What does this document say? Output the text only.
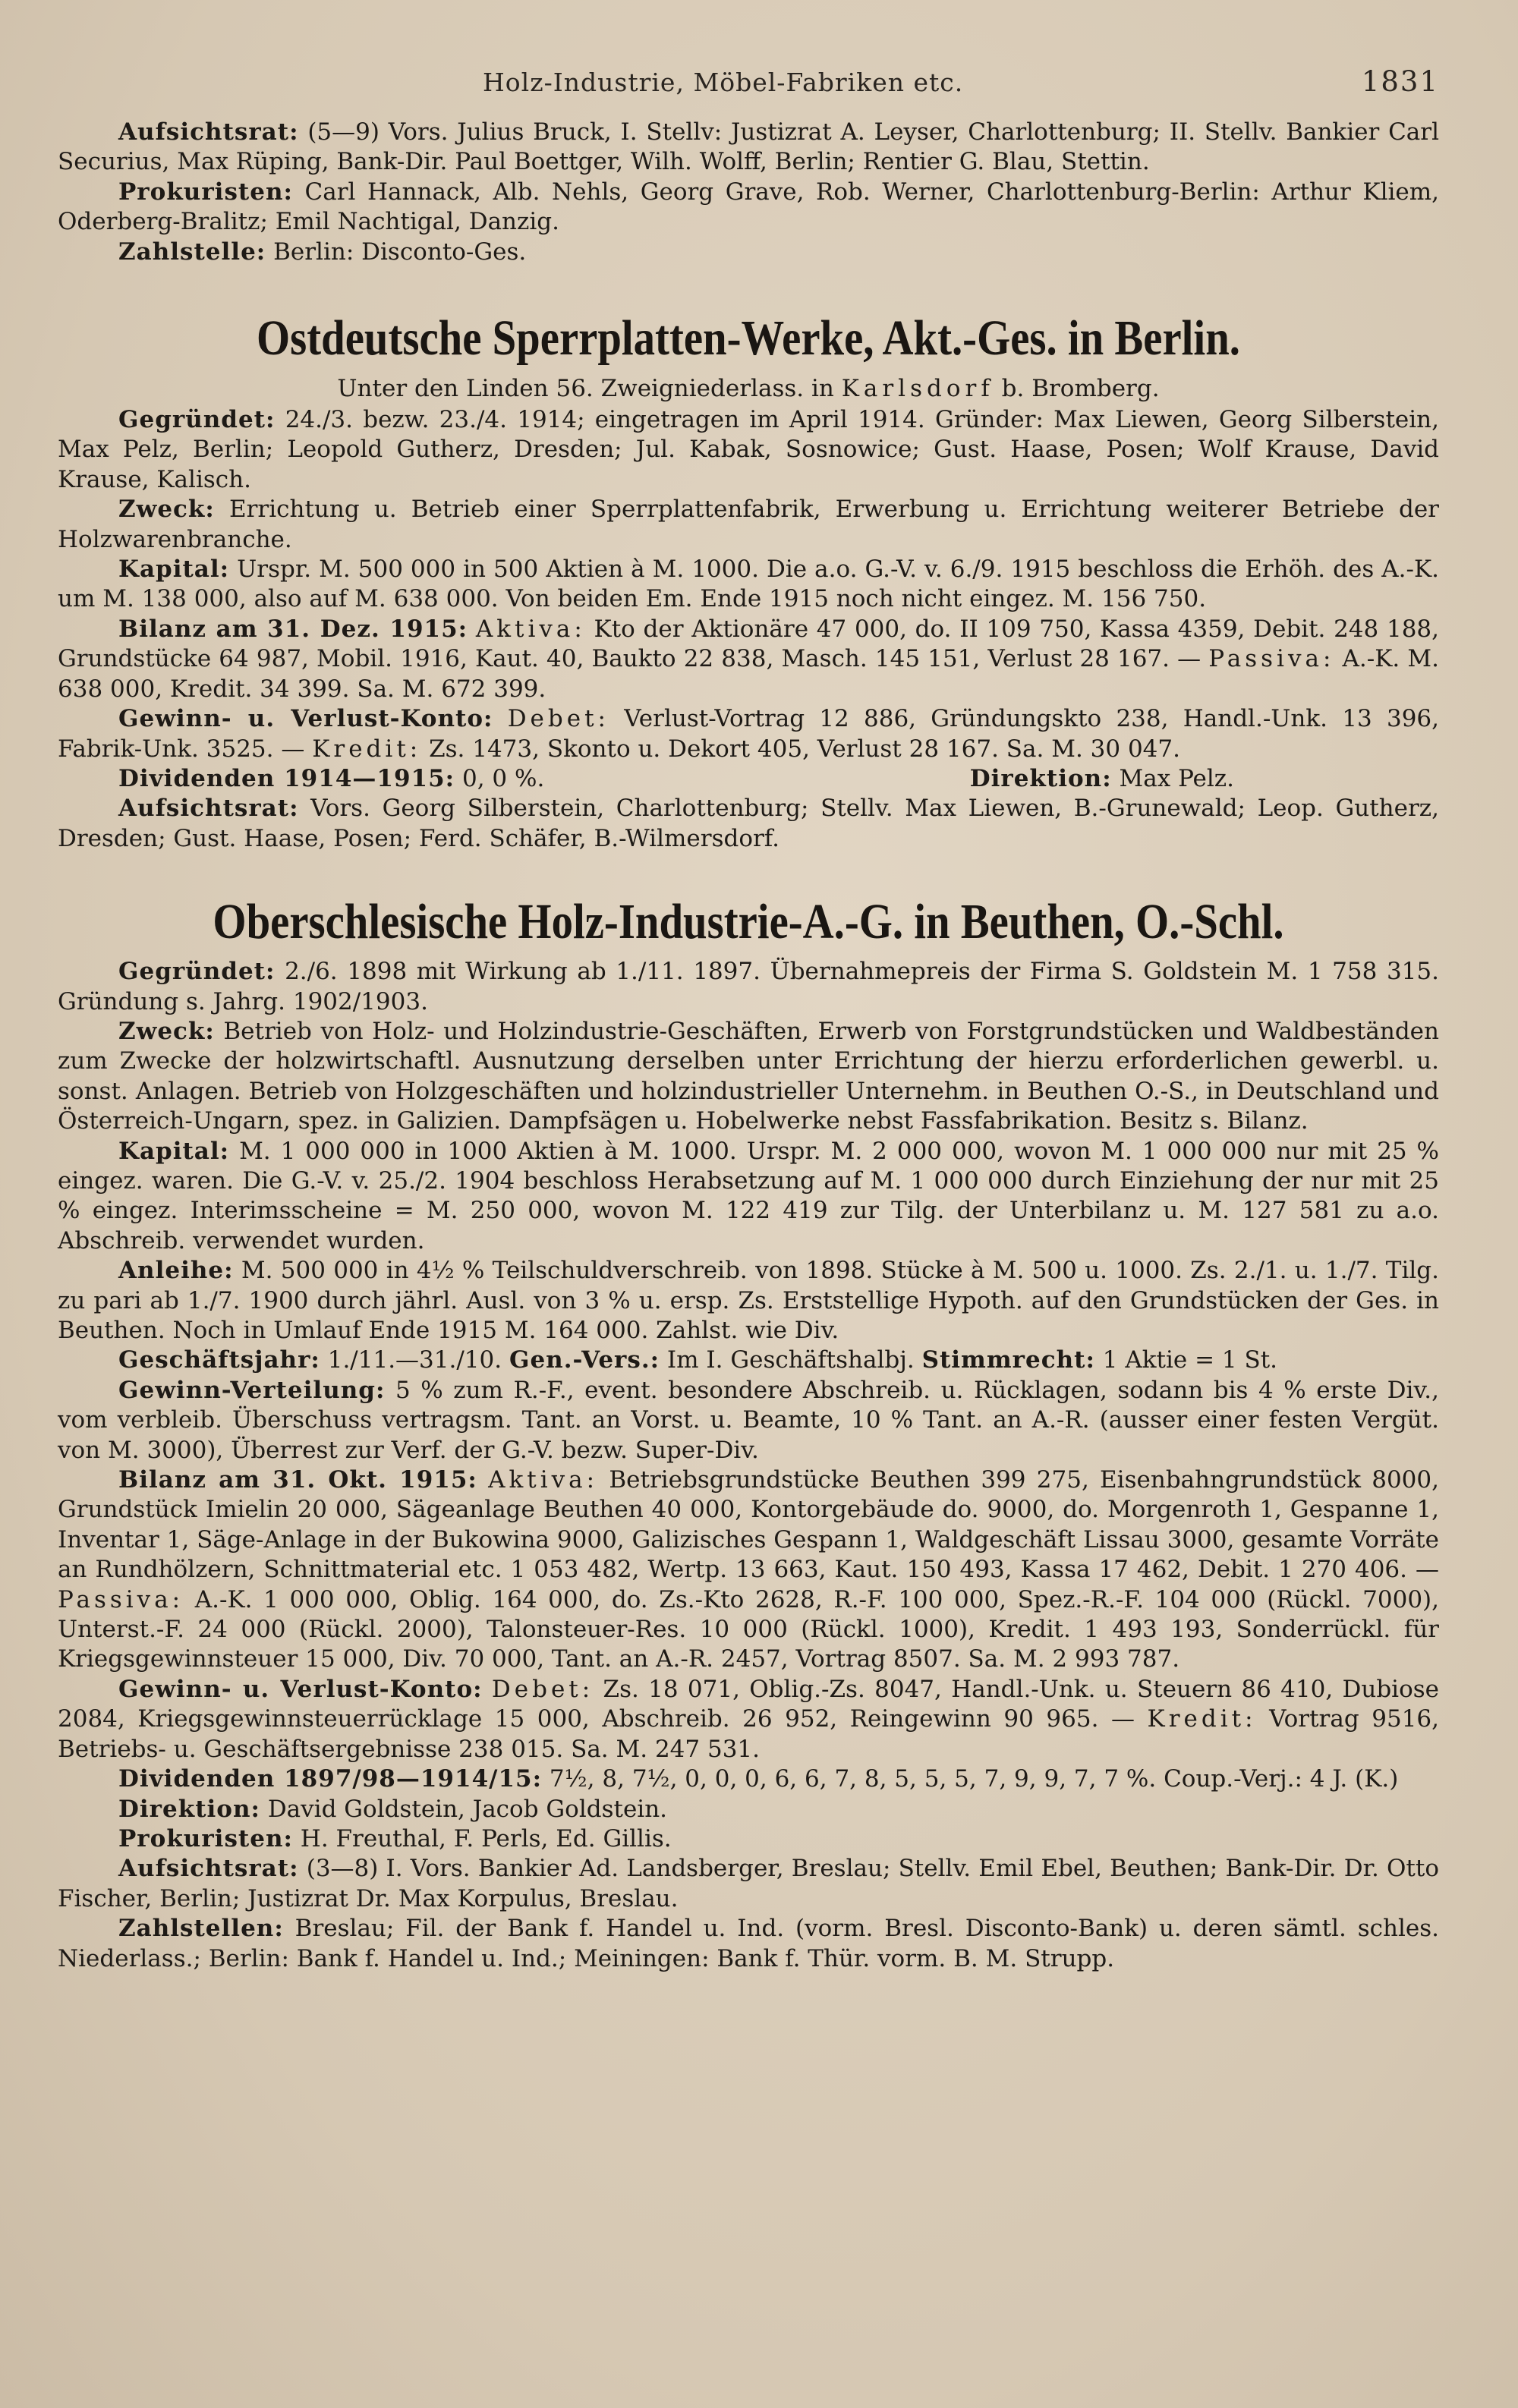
Holz-Industrie, Möbel-Fabriken etc.	1831

Aufsichtsrat: (5—9) Vors. Julius Bruck, I. Stellv: Justizrat A. Leyser, Charlottenburg; II. Stellv. Bankier Carl Securius, Max Rüping, Bank-Dir. Paul Boettger, Wilh. Wolff, Berlin; Rentier G. Blau, Stettin.

Prokuristen: Carl Hannack, Alb. Nehls, Georg Grave, Rob. Werner, Charlottenburg-Berlin: Arthur Kliem, Oderberg-Bralitz; Emil Nachtigal, Danzig.

Zahlstelle: Berlin: Disconto-Ges.

Ostdeutsche Sperrplatten-Werke, Akt.-Ges. in Berlin.
Unter den Linden 56. Zweigniederlass. in Karlsdorf b. Bromberg.

Gegründet: 24./3. bezw. 23./4. 1914; eingetragen im April 1914. Gründer: Max Liewen, Georg Silberstein, Max Pelz, Berlin; Leopold Gutherz, Dresden; Jul. Kabak, Sosnowice; Gust. Haase, Posen; Wolf Krause, David Krause, Kalisch.

Zweck: Errichtung u. Betrieb einer Sperrplattenfabrik, Erwerbung u. Errichtung weiterer Betriebe der Holzwarenbranche.

Kapital: Urspr. M. 500 000 in 500 Aktien à M. 1000. Die a.o. G.-V. v. 6./9. 1915 beschloss die Erhöh. des A.-K. um M. 138 000, also auf M. 638 000. Von beiden Em. Ende 1915 noch nicht eingez. M. 156 750.

Bilanz am 31. Dez. 1915: Aktiva: Kto der Aktionäre 47 000, do. II 109 750, Kassa 4359, Debit. 248 188, Grundstücke 64 987, Mobil. 1916, Kaut. 40, Baukto 22 838, Masch. 145 151, Verlust 28 167. — Passiva: A.-K. M. 638 000, Kredit. 34 399. Sa. M. 672 399.

Gewinn- u. Verlust-Konto: Debet: Verlust-Vortrag 12 886, Gründungskto 238, Handl.-Unk. 13 396, Fabrik-Unk. 3525. — Kredit: Zs. 1473, Skonto u. Dekort 405, Verlust 28 167. Sa. M. 30 047.

Dividenden 1914—1915: 0, 0 %.	Direktion: Max Pelz.

Aufsichtsrat: Vors. Georg Silberstein, Charlottenburg; Stellv. Max Liewen, B.-Grunewald; Leop. Gutherz, Dresden; Gust. Haase, Posen; Ferd. Schäfer, B.-Wilmersdorf.

Oberschlesische Holz-Industrie-A.-G. in Beuthen, O.-Schl.

Gegründet: 2./6. 1898 mit Wirkung ab 1./11. 1897. Übernahmepreis der Firma S. Goldstein M. 1 758 315. Gründung s. Jahrg. 1902/1903.

Zweck: Betrieb von Holz- und Holzindustrie-Geschäften, Erwerb von Forstgrundstücken und Waldbeständen zum Zwecke der holzwirtschaftl. Ausnutzung derselben unter Errichtung der hierzu erforderlichen gewerbl. u. sonst. Anlagen. Betrieb von Holzgeschäften und holzindustrieller Unternehm. in Beuthen O.-S., in Deutschland und Österreich-Ungarn, spez. in Galizien. Dampfsägen u. Hobelwerke nebst Fassfabrikation. Besitz s. Bilanz.

Kapital: M. 1 000 000 in 1000 Aktien à M. 1000. Urspr. M. 2 000 000, wovon M. 1 000 000 nur mit 25 % eingez. waren. Die G.-V. v. 25./2. 1904 beschloss Herabsetzung auf M. 1 000 000 durch Einziehung der nur mit 25 % eingez. Interimsscheine = M. 250 000, wovon M. 122 419 zur Tilg. der Unterbilanz u. M. 127 581 zu a.o. Abschreib. verwendet wurden.

Anleihe: M. 500 000 in 4½ % Teilschuldverschreib. von 1898. Stücke à M. 500 u. 1000. Zs. 2./1. u. 1./7. Tilg. zu pari ab 1./7. 1900 durch jährl. Ausl. von 3 % u. ersp. Zs. Erststellige Hypoth. auf den Grundstücken der Ges. in Beuthen. Noch in Umlauf Ende 1915 M. 164 000. Zahlst. wie Div.

Geschäftsjahr: 1./11.—31./10. Gen.-Vers.: Im I. Geschäftshalbj. Stimmrecht: 1 Aktie = 1 St.

Gewinn-Verteilung: 5 % zum R.-F., event. besondere Abschreib. u. Rücklagen, sodann bis 4 % erste Div., vom verbleib. Überschuss vertragsm. Tant. an Vorst. u. Beamte, 10 % Tant. an A.-R. (ausser einer festen Vergüt. von M. 3000), Überrest zur Verf. der G.-V. bezw. Super-Div.

Bilanz am 31. Okt. 1915: Aktiva: Betriebsgrundstücke Beuthen 399 275, Eisenbahngrundstück 8000, Grundstück Imielin 20 000, Sägeanlage Beuthen 40 000, Kontorgebäude do. 9000, do. Morgenroth 1, Gespanne 1, Inventar 1, Säge-Anlage in der Bukowina 9000, Galizisches Gespann 1, Waldgeschäft Lissau 3000, gesamte Vorräte an Rundhölzern, Schnittmaterial etc. 1 053 482, Wertp. 13 663, Kaut. 150 493, Kassa 17 462, Debit. 1 270 406. — Passiva: A.-K. 1 000 000, Oblig. 164 000, do. Zs.-Kto 2628, R.-F. 100 000, Spez.-R.-F. 104 000 (Rückl. 7000), Unterst.-F. 24 000 (Rückl. 2000), Talonsteuer-Res. 10 000 (Rückl. 1000), Kredit. 1 493 193, Sonderrückl. für Kriegsgewinnsteuer 15 000, Div. 70 000, Tant. an A.-R. 2457, Vortrag 8507. Sa. M. 2 993 787.

Gewinn- u. Verlust-Konto: Debet: Zs. 18 071, Oblig.-Zs. 8047, Handl.-Unk. u. Steuern 86 410, Dubiose 2084, Kriegsgewinnsteuerrücklage 15 000, Abschreib. 26 952, Reingewinn 90 965. — Kredit: Vortrag 9516, Betriebs- u. Geschäftsergebnisse 238 015. Sa. M. 247 531.

Dividenden 1897/98—1914/15: 7½, 8, 7½, 0, 0, 0, 6, 6, 7, 8, 5, 5, 5, 7, 9, 9, 7, 7 %. Coup.-Verj.: 4 J. (K.)

Direktion: David Goldstein, Jacob Goldstein.

Prokuristen: H. Freuthal, F. Perls, Ed. Gillis.

Aufsichtsrat: (3—8) I. Vors. Bankier Ad. Landsberger, Breslau; Stellv. Emil Ebel, Beuthen; Bank-Dir. Dr. Otto Fischer, Berlin; Justizrat Dr. Max Korpulus, Breslau.

Zahlstellen: Breslau; Fil. der Bank f. Handel u. Ind. (vorm. Bresl. Disconto-Bank) u. deren sämtl. schles. Niederlass.; Berlin: Bank f. Handel u. Ind.; Meiningen: Bank f. Thür. vorm. B. M. Strupp.
